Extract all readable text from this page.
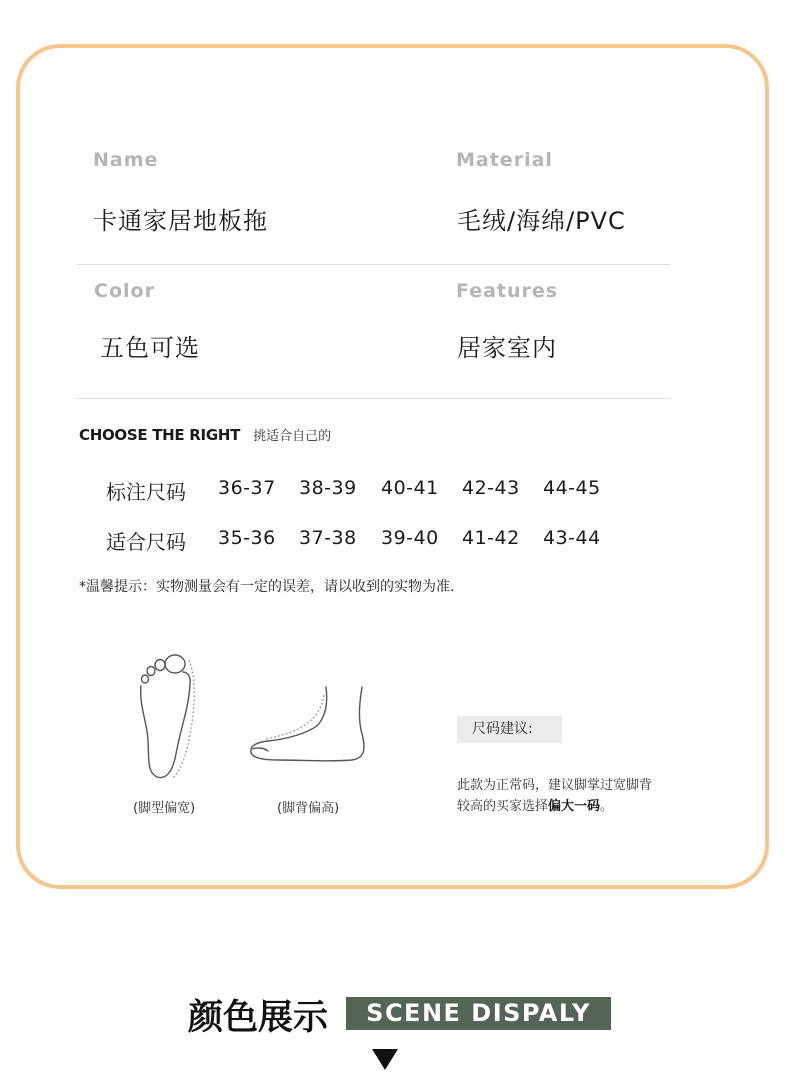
Name
卡通家居地板拖
Material
毛绒/海绵/PVC
Color
五色可选
Features
居家室内
CHOOSE THE RIGHT 挑适合自己的
标注尺码 36-37 38-39 40-41 42-43 44-45
适合尺码 35-36 37-38 39-40 41-42 43-44
*温馨提示：实物测量会有一定的误差，请以收到的实物为准.
(脚型偏宽)	(脚背偏高)
尺码建议:
此款为正常码，建议脚掌过宽脚背
较高的买家选择偏大一码。
颜色展示	SCENE DISPALY
